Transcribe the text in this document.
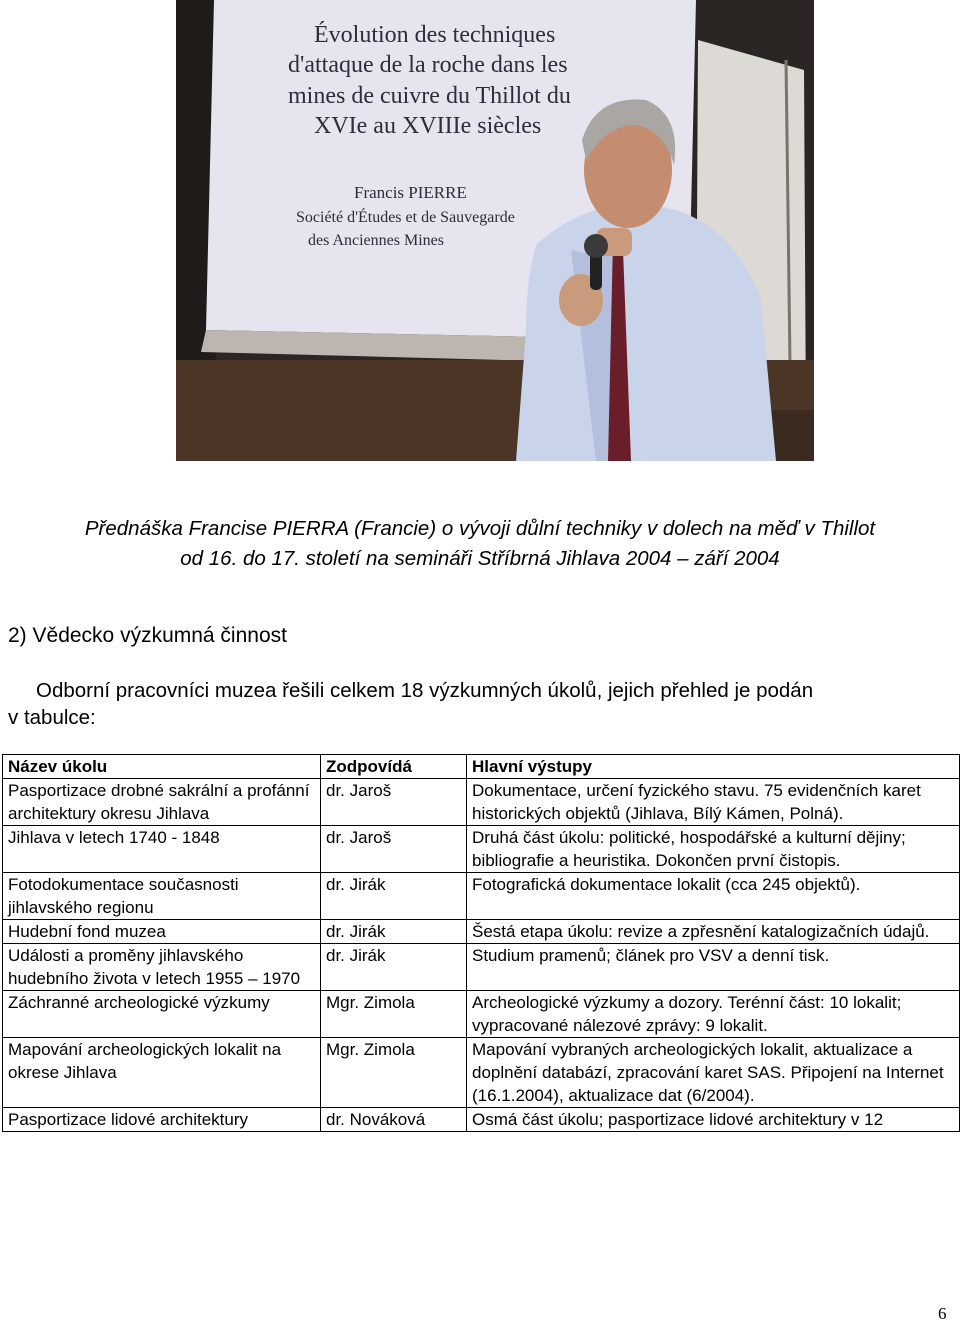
Évolution des techniques
d'attaque de la roche dans les
mines de cuivre du Thillot du
XVIe au XVIIIe siècles
Francis PIERRE
Société d'Études et de Sauvegarde
des Anciennes Mines
Přednáška Francise PIERRA (Francie) o vývoji důlní techniky v dolech na měď v Thillot
od 16. do 17. století na semináři Stříbrná Jihlava 2004 – září 2004
2) Vědecko výzkumná činnost
Odborní pracovníci muzea řešili celkem 18 výzkumných úkolů, jejich přehled je podán
v tabulce:
Název úkolu	Zodpovídá	Hlavní výstupy
Pasportizace drobné sakrální a profánní architektury okresu Jihlava	dr. Jaroš	Dokumentace, určení fyzického stavu. 75 evidenčních karet historických objektů (Jihlava, Bílý Kámen, Polná).
Jihlava v letech 1740 - 1848	dr. Jaroš	Druhá část úkolu: politické, hospodářské a kulturní dějiny; bibliografie a heuristika. Dokončen první čistopis.
Fotodokumentace současnosti jihlavského regionu	dr. Jirák	Fotografická dokumentace lokalit (cca 245 objektů).
Hudební fond muzea	dr. Jirák	Šestá etapa úkolu: revize a zpřesnění katalogizačních údajů.
Události a proměny jihlavského hudebního života v letech 1955 – 1970	dr. Jirák	Studium pramenů; článek pro VSV a denní tisk.
Záchranné archeologické výzkumy	Mgr. Zimola	Archeologické výzkumy a dozory. Terénní část: 10 lokalit; vypracované nálezové zprávy: 9 lokalit.
Mapování archeologických lokalit na okrese Jihlava	Mgr. Zimola	Mapování vybraných archeologických lokalit, aktualizace a doplnění databází, zpracování karet SAS. Připojení na Internet (16.1.2004), aktualizace dat (6/2004).
Pasportizace lidové architektury	dr. Nováková	Osmá část úkolu; pasportizace lidové architektury v 12
6
